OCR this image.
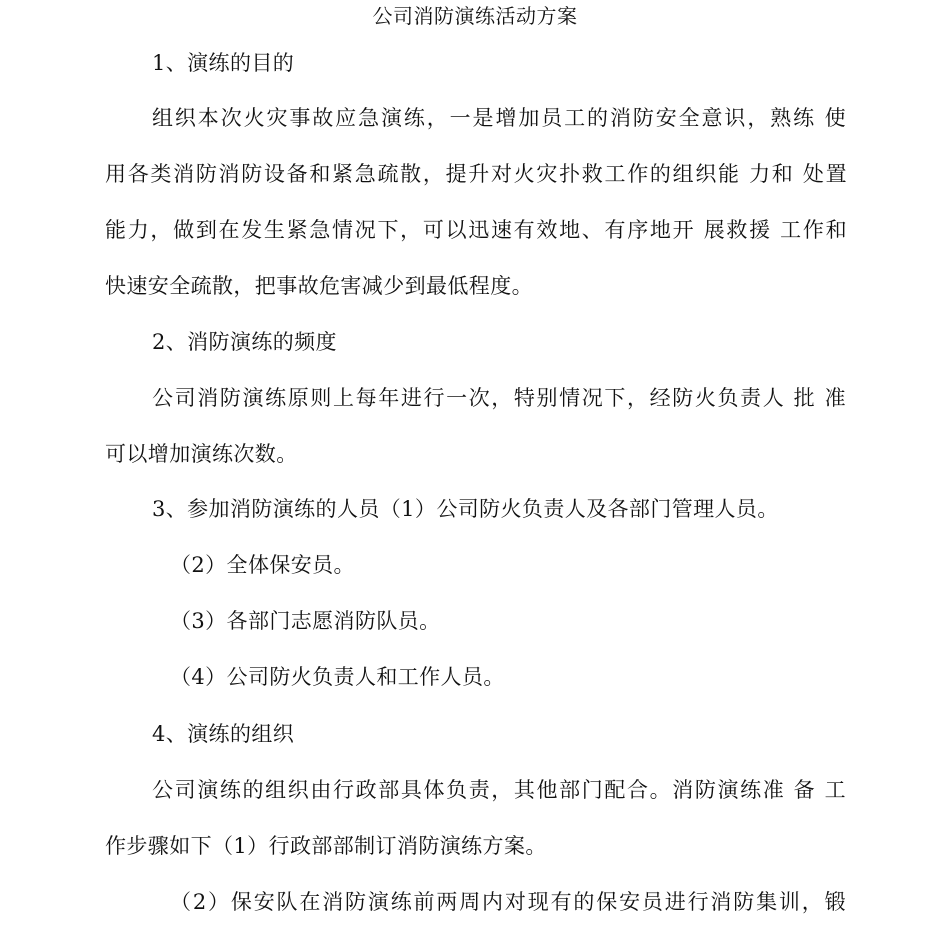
公司消防演练活动方案
1、演练的目的
组织本次火灾事故应急演练，一是增加员工的消防安全意识，熟练 使
用各类消防消防设备和紧急疏散，提升对火灾扑救工作的组织能 力和 处置
能力，做到在发生紧急情况下，可以迅速有效地、有序地开 展救援 工作和
快速安全疏散，把事故危害减少到最低程度。
2、消防演练的频度
公司消防演练原则上每年进行一次，特别情况下，经防火负责人 批 准
可以增加演练次数。
3、参加消防演练的人员（1）公司防火负责人及各部门管理人员。
（2）全体保安员。
（3）各部门志愿消防队员。
（4）公司防火负责人和工作人员。
4、演练的组织
公司演练的组织由行政部具体负责，其他部门配合。消防演练准 备 工
作步骤如下（1）行政部部制订消防演练方案。
（2）保安队在消防演练前两周内对现有的保安员进行消防集训，锻
